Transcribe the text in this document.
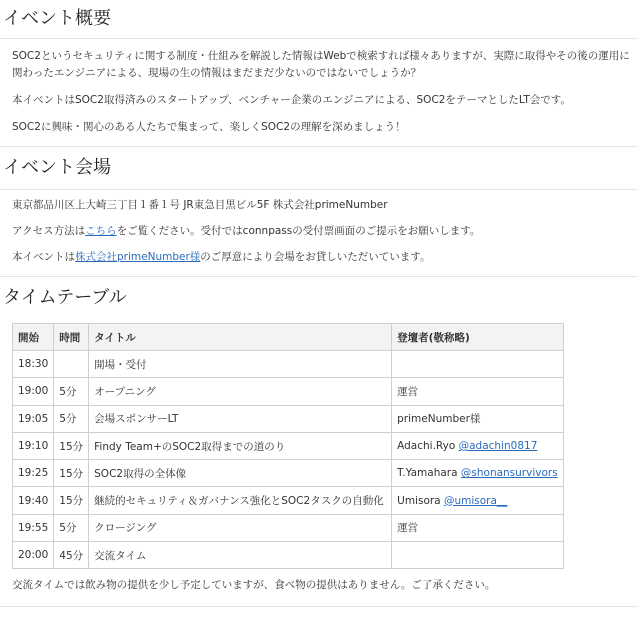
イベント概要

SOC2というセキュリティに関する制度・仕組みを解説した情報はWebで検索すれば様々ありますが、実際に取得やその後の運用に関わったエンジニアによる、現場の生の情報はまだまだ少ないのではないでしょうか？

本イベントはSOC2取得済みのスタートアップ、ベンチャー企業のエンジニアによる、SOC2をテーマとしたLT会です。

SOC2に興味・関心のある人たちで集まって、楽しくSOC2の理解を深めましょう！

イベント会場

東京都品川区上大崎三丁目１番１号 JR東急目黒ビル5F 株式会社primeNumber

アクセス方法はこちらをご覧ください。受付ではconnpassの受付票画面のご提示をお願いします。

本イベントは株式会社primeNumber様のご厚意により会場をお貸しいただいています。

タイムテーブル
開始	時間	タイトル	登壇者(敬称略)
18:30		開場・受付	
19:00	5分	オープニング	運営
19:05	5分	会場スポンサーLT	primeNumber様
19:10	15分	Findy Team+のSOC2取得までの道のり	Adachi.Ryo @adachin0817
19:25	15分	SOC2取得の全体像	T.Yamahara @shonansurvivors
19:40	15分	継続的セキュリティ＆ガバナンス強化とSOC2タスクの自動化	Umisora @umisora__
19:55	5分	クロージング	運営
20:00	45分	交流タイム	

交流タイムでは飲み物の提供を少し予定していますが、食べ物の提供はありません。ご了承ください。
